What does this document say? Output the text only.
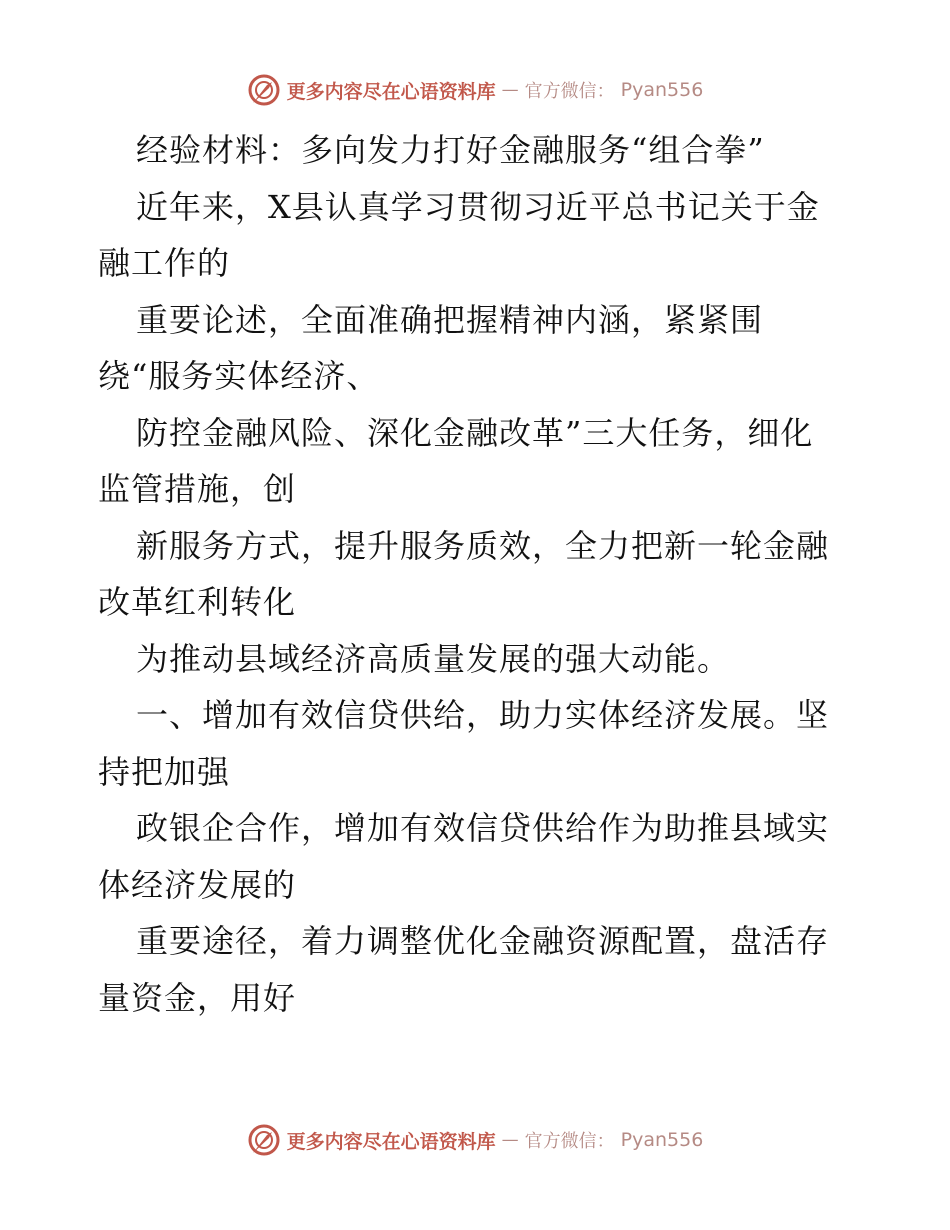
更多内容尽在心语资料库 — 官方微信： Pyan556
经验材料：多向发力打好金融服务“组合拳”
近年来，X县认真学习贯彻习近平总书记关于金
融工作的
重要论述，全面准确把握精神内涵，紧紧围
绕“服务实体经济、
防控金融风险、深化金融改革”三大任务，细化
监管措施，创
新服务方式，提升服务质效，全力把新一轮金融
改革红利转化
为推动县域经济高质量发展的强大动能。
一、增加有效信贷供给，助力实体经济发展。坚
持把加强
政银企合作，增加有效信贷供给作为助推县域实
体经济发展的
重要途径，着力调整优化金融资源配置，盘活存
量资金，用好
更多内容尽在心语资料库 — 官方微信： Pyan556
